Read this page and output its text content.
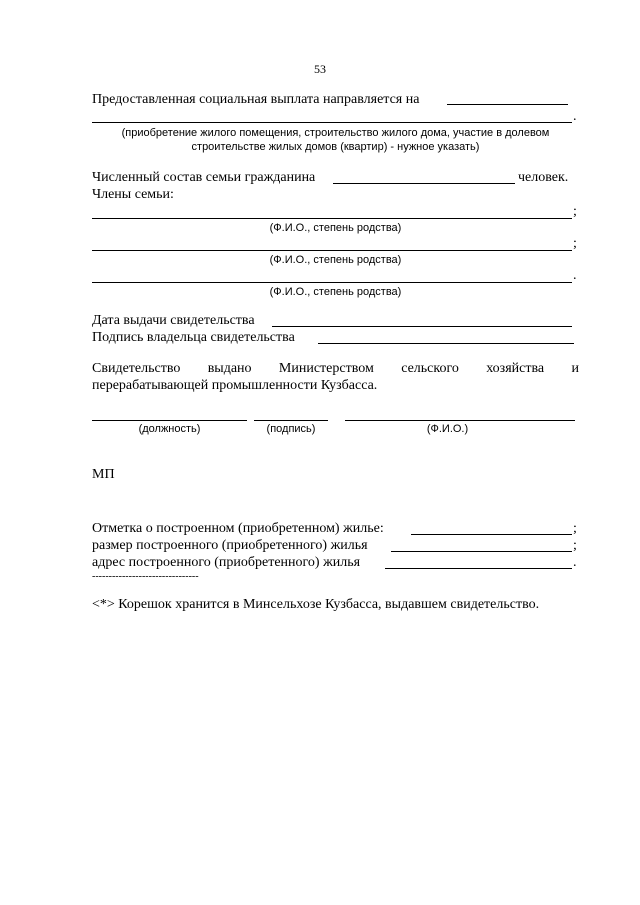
53
Предоставленная социальная выплата направляется на
.
(приобретение жилого помещения, строительство жилого дома, участие в долевом
строительстве жилых домов (квартир) - нужное указать)
Численный состав семьи гражданина	человек.
Члены семьи:
;
(Ф.И.О., степень родства)
;
(Ф.И.О., степень родства)
.
(Ф.И.О., степень родства)
Дата выдачи свидетельства
Подпись владельца свидетельства
Свидетельство выдано Министерством сельского хозяйства и
перерабатывающей промышленности Кузбасса.
(должность)	(подпись)	(Ф.И.О.)
МП
Отметка о построенном (приобретенном) жилье:	;
размер построенного (приобретенного) жилья	;
адрес построенного (приобретенного) жилья	.
--------------------------------
<*> Корешок хранится в Минсельхозе Кузбасса, выдавшем свидетельство.
